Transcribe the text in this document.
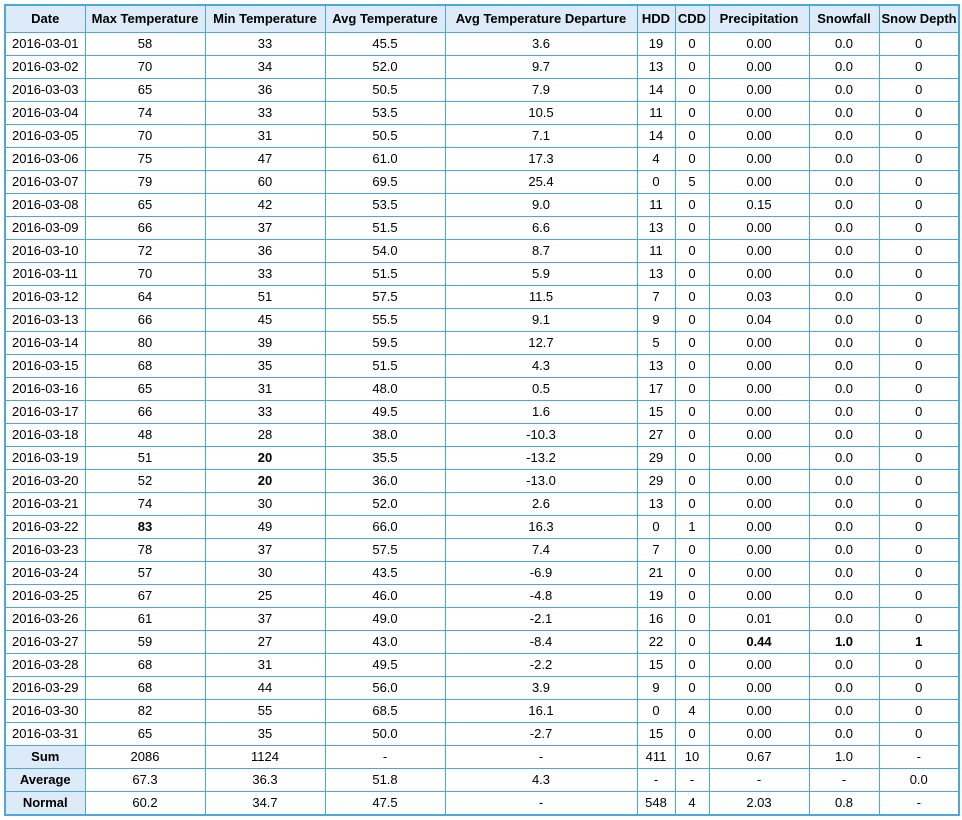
Date	Max Temperature	Min Temperature	Avg Temperature	Avg Temperature Departure	HDD	CDD	Precipitation	Snowfall	Snow Depth
2016-03-01	58	33	45.5	3.6	19	0	0.00	0.0	0
2016-03-02	70	34	52.0	9.7	13	0	0.00	0.0	0
2016-03-03	65	36	50.5	7.9	14	0	0.00	0.0	0
2016-03-04	74	33	53.5	10.5	11	0	0.00	0.0	0
2016-03-05	70	31	50.5	7.1	14	0	0.00	0.0	0
2016-03-06	75	47	61.0	17.3	4	0	0.00	0.0	0
2016-03-07	79	60	69.5	25.4	0	5	0.00	0.0	0
2016-03-08	65	42	53.5	9.0	11	0	0.15	0.0	0
2016-03-09	66	37	51.5	6.6	13	0	0.00	0.0	0
2016-03-10	72	36	54.0	8.7	11	0	0.00	0.0	0
2016-03-11	70	33	51.5	5.9	13	0	0.00	0.0	0
2016-03-12	64	51	57.5	11.5	7	0	0.03	0.0	0
2016-03-13	66	45	55.5	9.1	9	0	0.04	0.0	0
2016-03-14	80	39	59.5	12.7	5	0	0.00	0.0	0
2016-03-15	68	35	51.5	4.3	13	0	0.00	0.0	0
2016-03-16	65	31	48.0	0.5	17	0	0.00	0.0	0
2016-03-17	66	33	49.5	1.6	15	0	0.00	0.0	0
2016-03-18	48	28	38.0	-10.3	27	0	0.00	0.0	0
2016-03-19	51	20	35.5	-13.2	29	0	0.00	0.0	0
2016-03-20	52	20	36.0	-13.0	29	0	0.00	0.0	0
2016-03-21	74	30	52.0	2.6	13	0	0.00	0.0	0
2016-03-22	83	49	66.0	16.3	0	1	0.00	0.0	0
2016-03-23	78	37	57.5	7.4	7	0	0.00	0.0	0
2016-03-24	57	30	43.5	-6.9	21	0	0.00	0.0	0
2016-03-25	67	25	46.0	-4.8	19	0	0.00	0.0	0
2016-03-26	61	37	49.0	-2.1	16	0	0.01	0.0	0
2016-03-27	59	27	43.0	-8.4	22	0	0.44	1.0	1
2016-03-28	68	31	49.5	-2.2	15	0	0.00	0.0	0
2016-03-29	68	44	56.0	3.9	9	0	0.00	0.0	0
2016-03-30	82	55	68.5	16.1	0	4	0.00	0.0	0
2016-03-31	65	35	50.0	-2.7	15	0	0.00	0.0	0
Sum	2086	1124	-	-	411	10	0.67	1.0	-
Average	67.3	36.3	51.8	4.3	-	-	-	-	0.0
Normal	60.2	34.7	47.5	-	548	4	2.03	0.8	-
